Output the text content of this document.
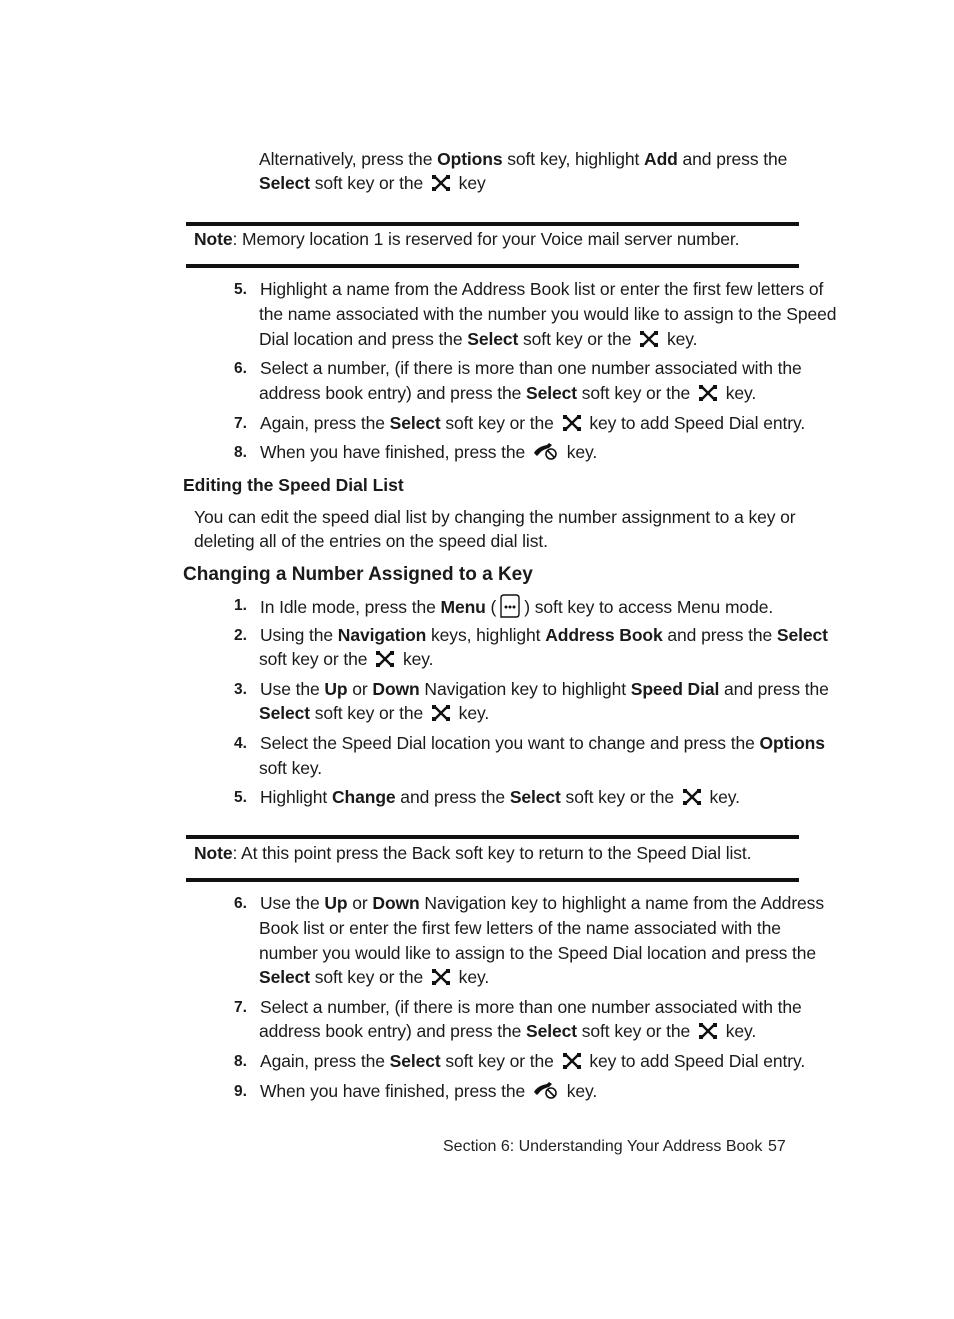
Alternatively, press the Options soft key, highlight Add and press the
Select soft key or the
key
Note: Memory location 1 is reserved for your Voice mail server number.
5. Highlight a name from the Address Book list or enter the first few letters of
the name associated with the number you would like to assign to the Speed
Dial location and press the Select soft key or the
key.
6. Select a number, (if there is more than one number associated with the
address book entry) and press the Select soft key or the
key.
7. Again, press the Select soft key or the
key to add Speed Dial entry.
8. When you have finished, press the
key.
Editing the Speed Dial List
You can edit the speed dial list by changing the number assignment to a key or
deleting all of the entries on the speed dial list.
Changing a Number Assigned to a Key
1. In Idle mode, press the Menu ( ) soft key to access Menu mode.
2. Using the Navigation keys, highlight Address Book and press the Select
soft key or the
key.
3. Use the Up or Down Navigation key to highlight Speed Dial and press the
Select soft key or the
key.
4. Select the Speed Dial location you want to change and press the Options
soft key.
5. Highlight Change and press the Select soft key or the
key.
Note: At this point press the Back soft key to return to the Speed Dial list.
6. Use the Up or Down Navigation key to highlight a name from the Address
Book list or enter the first few letters of the name associated with the
number you would like to assign to the Speed Dial location and press the
Select soft key or the
key.
7. Select a number, (if there is more than one number associated with the
address book entry) and press the Select soft key or the
key.
8. Again, press the Select soft key or the
key to add Speed Dial entry.
9. When you have finished, press the
key.
Section 6: Understanding Your Address Book 57
